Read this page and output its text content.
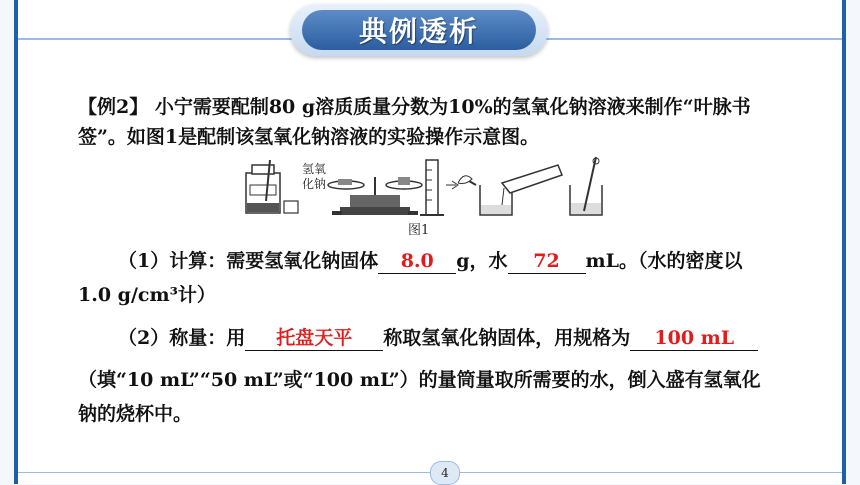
典例透析
【例2】 小宁需要配制80 g溶质质量分数为10%的氢氧化钠溶液来制作“叶脉书
签”。如图1是配制该氢氧化钠溶液的实验操作示意图。
氢氧
化钠
图1
（1）计算：需要氢氧化钠固体 8.0 g，水 72 mL。（水的密度以
1.0 g/cm³计）
（2）称量：用 托盘天平 称取氢氧化钠固体，用规格为 100 mL
（填“10 mL”“50 mL”或“100 mL”）的量筒量取所需要的水，倒入盛有氢氧化
钠的烧杯中。
4
